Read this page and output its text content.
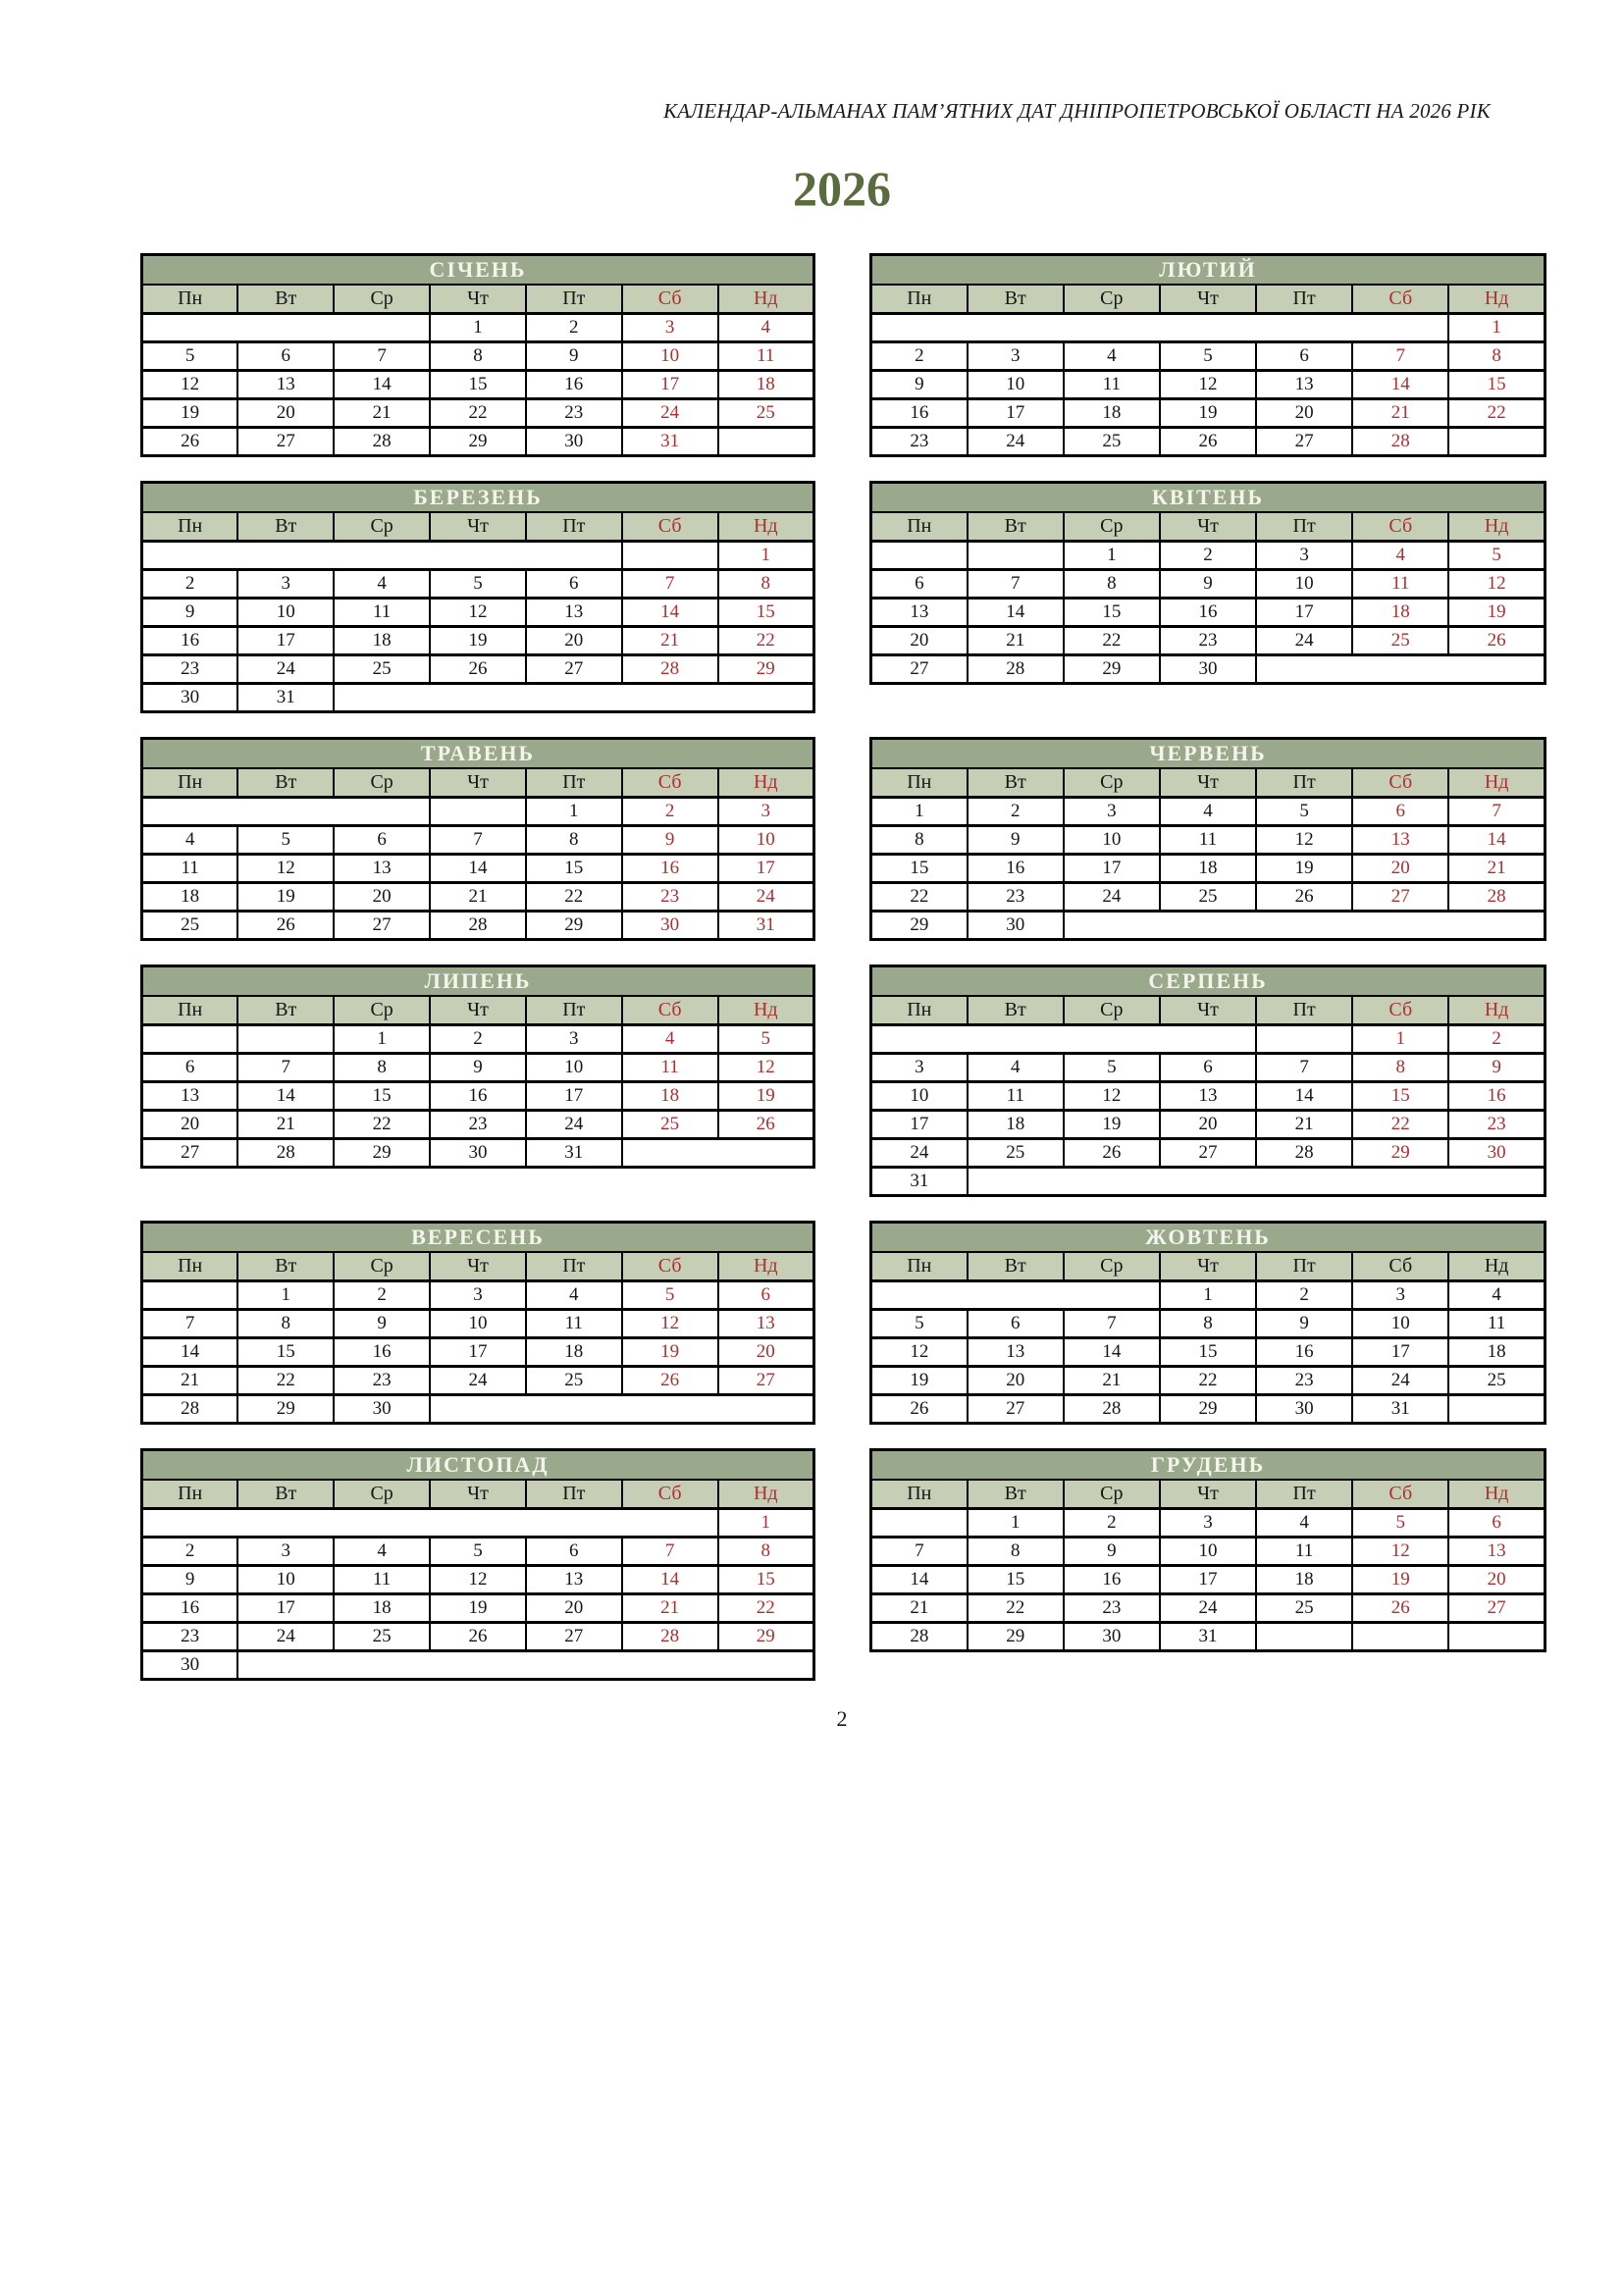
КАЛЕНДАР-АЛЬМАНАХ ПАМ’ЯТНИХ ДАТ ДНІПРОПЕТРОВСЬКОЇ ОБЛАСТІ НА 2026 РІК
2026
СІЧЕНЬ						
Пн	Вт	Ср	Чт	Пт	Сб	Нд
			1	2	3	4
5	6	7	8	9	10	11
12	13	14	15	16	17	18
19	20	21	22	23	24	25
26	27	28	29	30	31	
ЛЮТИЙ						
Пн	Вт	Ср	Чт	Пт	Сб	Нд
						1
2	3	4	5	6	7	8
9	10	11	12	13	14	15
16	17	18	19	20	21	22
23	24	25	26	27	28	
БЕРЕЗЕНЬ						
Пн	Вт	Ср	Чт	Пт	Сб	Нд
						1
2	3	4	5	6	7	8
9	10	11	12	13	14	15
16	17	18	19	20	21	22
23	24	25	26	27	28	29
30	31					
КВІТЕНЬ						
Пн	Вт	Ср	Чт	Пт	Сб	Нд
		1	2	3	4	5
6	7	8	9	10	11	12
13	14	15	16	17	18	19
20	21	22	23	24	25	26
27	28	29	30			
ТРАВЕНЬ						
Пн	Вт	Ср	Чт	Пт	Сб	Нд
				1	2	3
4	5	6	7	8	9	10
11	12	13	14	15	16	17
18	19	20	21	22	23	24
25	26	27	28	29	30	31
ЧЕРВЕНЬ						
Пн	Вт	Ср	Чт	Пт	Сб	Нд
1	2	3	4	5	6	7
8	9	10	11	12	13	14
15	16	17	18	19	20	21
22	23	24	25	26	27	28
29	30					
ЛИПЕНЬ						
Пн	Вт	Ср	Чт	Пт	Сб	Нд
		1	2	3	4	5
6	7	8	9	10	11	12
13	14	15	16	17	18	19
20	21	22	23	24	25	26
27	28	29	30	31		
СЕРПЕНЬ						
Пн	Вт	Ср	Чт	Пт	Сб	Нд
					1	2
3	4	5	6	7	8	9
10	11	12	13	14	15	16
17	18	19	20	21	22	23
24	25	26	27	28	29	30
31						
ВЕРЕСЕНЬ						
Пн	Вт	Ср	Чт	Пт	Сб	Нд
	1	2	3	4	5	6
7	8	9	10	11	12	13
14	15	16	17	18	19	20
21	22	23	24	25	26	27
28	29	30				
ЖОВТЕНЬ						
Пн	Вт	Ср	Чт	Пт	Сб	Нд
			1	2	3	4
5	6	7	8	9	10	11
12	13	14	15	16	17	18
19	20	21	22	23	24	25
26	27	28	29	30	31	
ЛИСТОПАД						
Пн	Вт	Ср	Чт	Пт	Сб	Нд
						1
2	3	4	5	6	7	8
9	10	11	12	13	14	15
16	17	18	19	20	21	22
23	24	25	26	27	28	29
30						
ГРУДЕНЬ						
Пн	Вт	Ср	Чт	Пт	Сб	Нд
	1	2	3	4	5	6
7	8	9	10	11	12	13
14	15	16	17	18	19	20
21	22	23	24	25	26	27
28	29	30	31			
2
